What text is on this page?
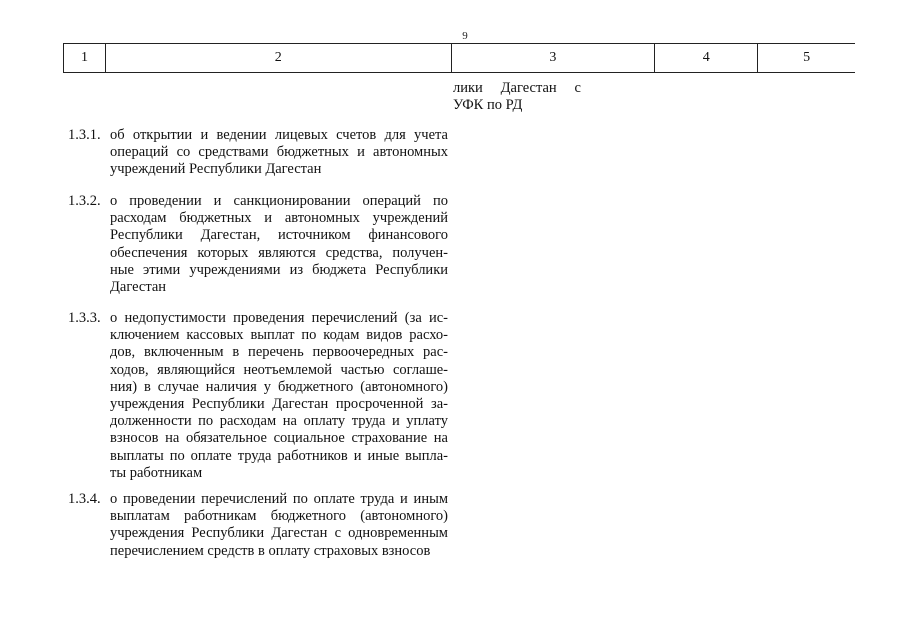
9
1	2	3	4	5
лики Дагестан с
УФК по РД
1.3.1. об открытии и ведении лицевых счетов для учета
операций со средствами бюджетных и автономных
учреждений Республики Дагестан
1.3.2. о проведении и санкционировании операций по
расходам бюджетных и автономных учреждений
Республики Дагестан, источником финансового
обеспечения которых являются средства, получен-
ные этими учреждениями из бюджета Республики
Дагестан
1.3.3. о недопустимости проведения перечислений (за ис-
ключением кассовых выплат по кодам видов расхо-
дов, включенным в перечень первоочередных рас-
ходов, являющийся неотъемлемой частью соглаше-
ния) в случае наличия у бюджетного (автономного)
учреждения Республики Дагестан просроченной за-
долженности по расходам на оплату труда и уплату
взносов на обязательное социальное страхование на
выплаты по оплате труда работников и иные выпла-
ты работникам
1.3.4. о проведении перечислений по оплате труда и иным
выплатам работникам бюджетного (автономного)
учреждения Республики Дагестан с одновременным
перечислением средств в оплату страховых взносов
